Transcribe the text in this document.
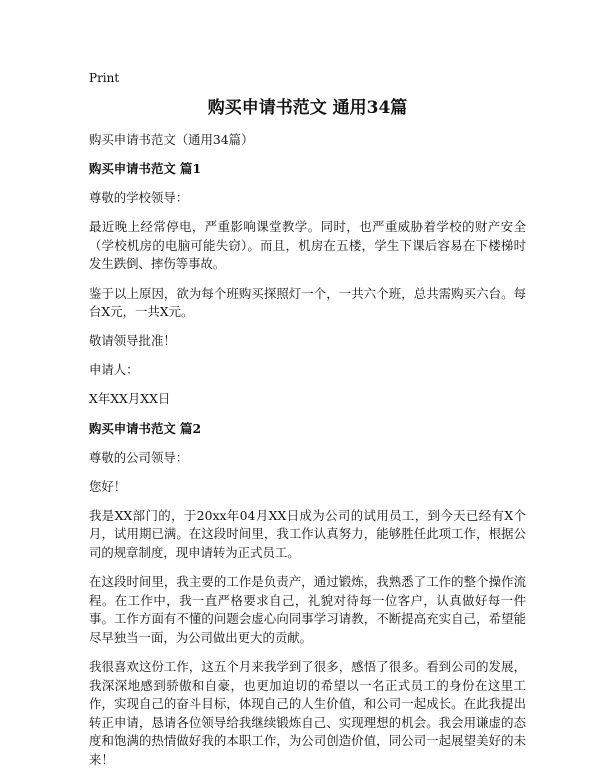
Print
购买申请书范文 通用34篇

购买申请书范文（通用34篇）

购买申请书范文 篇1

尊敬的学校领导：

最近晚上经常停电，严重影响课堂教学。同时，也严重威胁着学校的财产安全（学校机房的电脑可能失窃）。而且，机房在五楼，学生下课后容易在下楼梯时发生跌倒、摔伤等事故。

鉴于以上原因，欲为每个班购买探照灯一个，一共六个班，总共需购买六台。每台X元，一共X元。

敬请领导批准！

申请人：

X年XX月XX日

购买申请书范文 篇2

尊敬的公司领导：

您好！

我是XX部门的，于20xx年04月XX日成为公司的试用员工，到今天已经有X个月，试用期已满。在这段时间里，我工作认真努力，能够胜任此项工作，根据公司的规章制度，现申请转为正式员工。

在这段时间里，我主要的工作是负责产，通过锻炼，我熟悉了工作的整个操作流程。在工作中，我一直严格要求自己，礼貌对待每一位客户，认真做好每一件事。工作方面有不懂的问题会虚心向同事学习请教，不断提高充实自己，希望能尽早独当一面，为公司做出更大的贡献。

我很喜欢这份工作，这五个月来我学到了很多，感悟了很多。看到公司的发展，我深深地感到骄傲和自豪，也更加迫切的希望以一名正式员工的身份在这里工作，实现自己的奋斗目标，体现自己的人生价值，和公司一起成长。在此我提出转正申请，恳请各位领导给我继续锻炼自己、实现理想的机会。我会用谦虚的态度和饱满的热情做好我的本职工作，为公司创造价值，同公司一起展望美好的未来！
